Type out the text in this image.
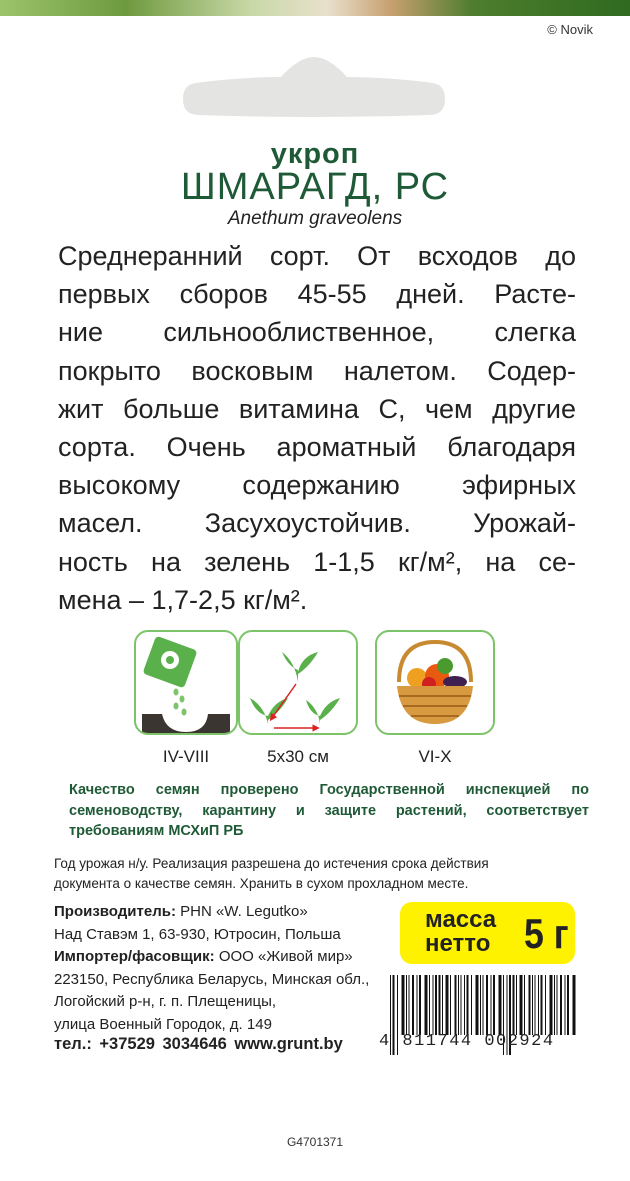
© Novik
укроп
ШМАРАГД, РС
Anethum graveolens
Среднеранний сорт. От всходов до
первых сборов 45-55 дней. Расте-
ние сильнооблиственное, слегка
покрыто восковым налетом. Содер-
жит больше витамина С, чем другие
сорта. Очень ароматный благодаря
высокому содержанию эфирных
масел. Засухоустойчив. Урожай-
ность на зелень 1-1,5 кг/м², на се-
мена – 1,7-2,5 кг/м².
IV-VIII	5x30 см	VI-X
Качество семян проверено Государственной инспекцией по семеноводству, карантину и защите растений, соответствует требованиям МСХиП РБ
Год урожая н/у. Реализация разрешена до истечения срока действия
документа о качестве семян. Хранить в сухом прохладном месте.
Производитель: PHN «W. Legutko»
Над Ставэм 1, 63-930, Ютросин, Польша
Импортер/фасовщик: ООО «Живой мир»
223150, Республика Беларусь, Минская обл.,
Логойский р-н, г. п. Плещеницы,
улица Военный Городок, д. 149
тел.: +37529 3034646 www.grunt.by
масса
нетто 5 г
4 811744 002924
G4701371
